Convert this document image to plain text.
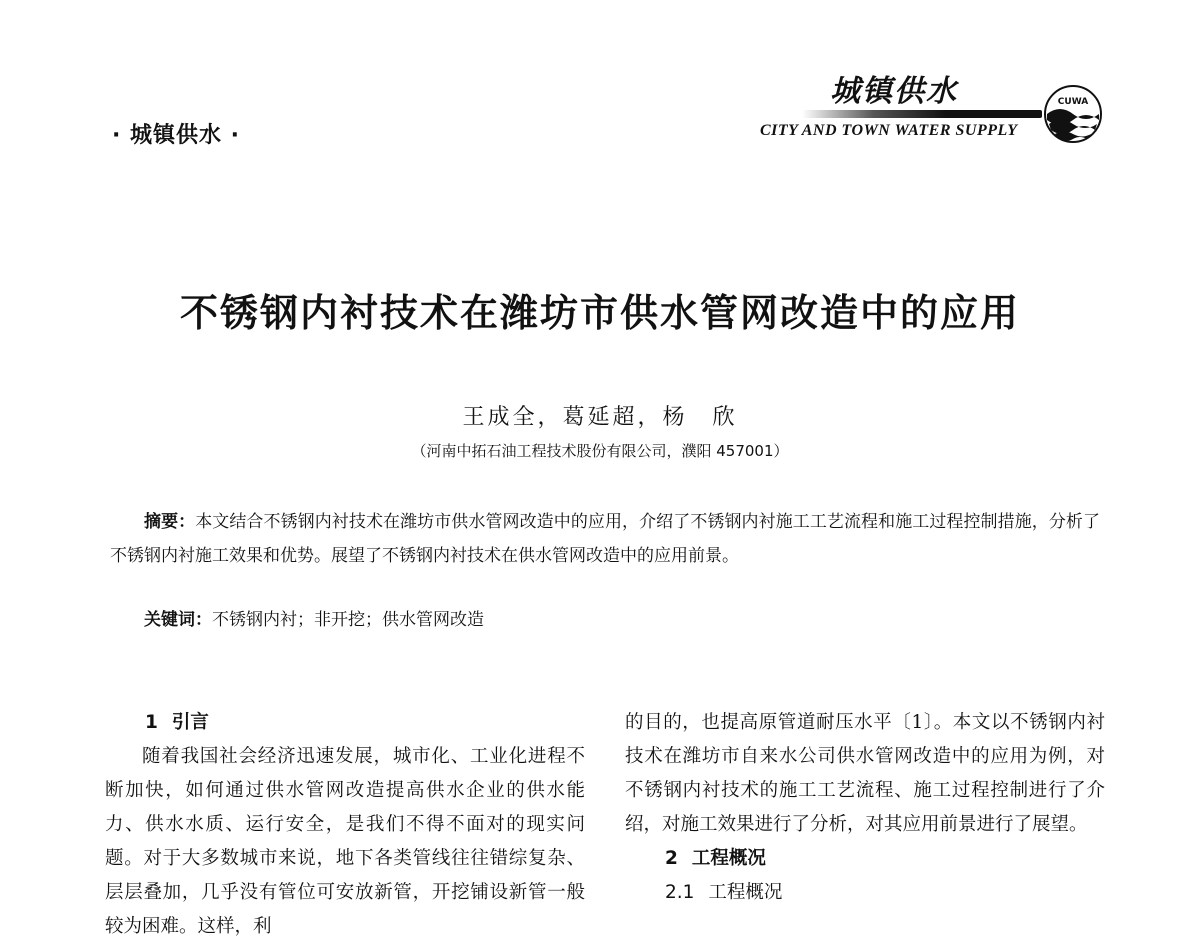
· 城镇供水 ·
城镇供水
CITY AND TOWN WATER SUPPLY
CUWA
不锈钢内衬技术在潍坊市供水管网改造中的应用
王成全，葛延超，杨　欣
（河南中拓石油工程技术股份有限公司，濮阳 457001）
摘要：本文结合不锈钢内衬技术在潍坊市供水管网改造中的应用，介绍了不锈钢内衬施工工艺流程和施工过程控制措施，分析了不锈钢内衬施工效果和优势。展望了不锈钢内衬技术在供水管网改造中的应用前景。
关键词：不锈钢内衬；非开挖；供水管网改造
1 引言
随着我国社会经济迅速发展，城市化、工业化进程不断加快，如何通过供水管网改造提高供水企业的供水能力、供水水质、运行安全，是我们不得不面对的现实问题。对于大多数城市来说，地下各类管线往往错综复杂、层层叠加，几乎没有管位可安放新管，开挖铺设新管一般较为困难。这样，利
的目的，也提高原管道耐压水平〔1〕。本文以不锈钢内衬技术在潍坊市自来水公司供水管网改造中的应用为例，对不锈钢内衬技术的施工工艺流程、施工过程控制进行了介绍，对施工效果进行了分析，对其应用前景进行了展望。
2 工程概况
2.1 工程概况
